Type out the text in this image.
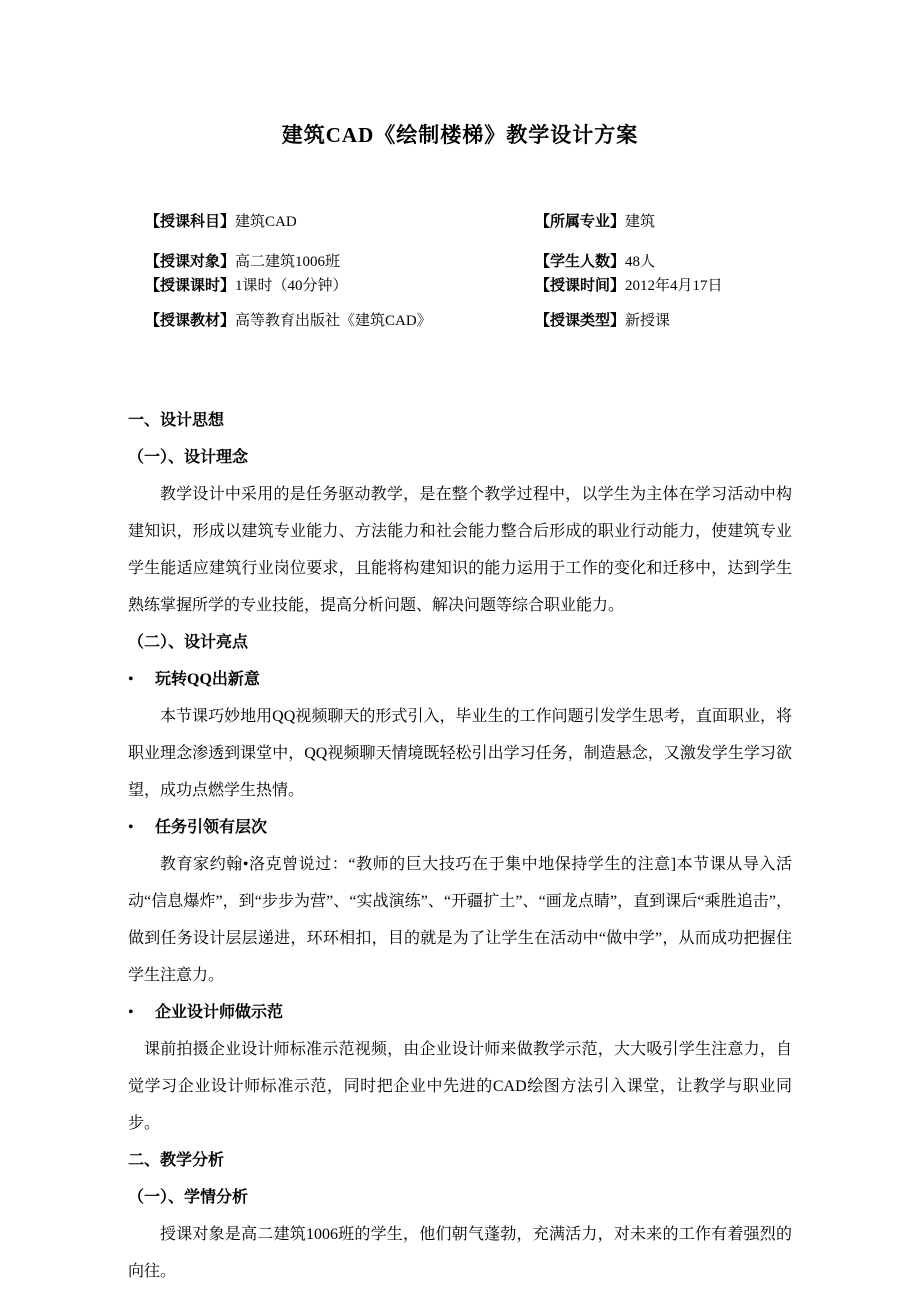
建筑CAD《绘制楼梯》教学设计方案
【授课科目】建筑CAD	【所属专业】建筑
【授课对象】高二建筑1006班	【学生人数】48人
【授课课时】1课时（40分钟）	【授课时间】2012年4月17日
【授课教材】高等教育出版社《建筑CAD》	【授课类型】新授课

一、设计思想

（一）、设计理念

教学设计中采用的是任务驱动教学，是在整个教学过程中，以学生为主体在学习活动中构建知识，形成以建筑专业能力、方法能力和社会能力整合后形成的职业行动能力，使建筑专业学生能适应建筑行业岗位要求，且能将构建知识的能力运用于工作的变化和迁移中，达到学生熟练掌握所学的专业技能，提高分析问题、解决问题等综合职业能力。

（二）、设计亮点

•	玩转QQ出新意

本节课巧妙地用QQ视频聊天的形式引入，毕业生的工作问题引发学生思考，直面职业，将职业理念渗透到课堂中，QQ视频聊天情境既轻松引出学习任务，制造悬念，又激发学生学习欲望，成功点燃学生热情。

•	任务引领有层次

教育家约翰•洛克曾说过：“教师的巨大技巧在于集中地保持学生的注意]本节课从导入活动“信息爆炸”，到“步步为营”、“实战演练”、“开疆扩土”、“画龙点睛”，直到课后“乘胜追击”，做到任务设计层层递进，环环相扣，目的就是为了让学生在活动中“做中学”，从而成功把握住学生注意力。

•	企业设计师做示范

课前拍摄企业设计师标准示范视频，由企业设计师来做教学示范，大大吸引学生注意力，自觉学习企业设计师标准示范，同时把企业中先进的CAD绘图方法引入课堂，让教学与职业同步。

二、教学分析

（一）、学情分析

授课对象是高二建筑1006班的学生，他们朝气蓬勃，充满活力，对未来的工作有着强烈的向往。
